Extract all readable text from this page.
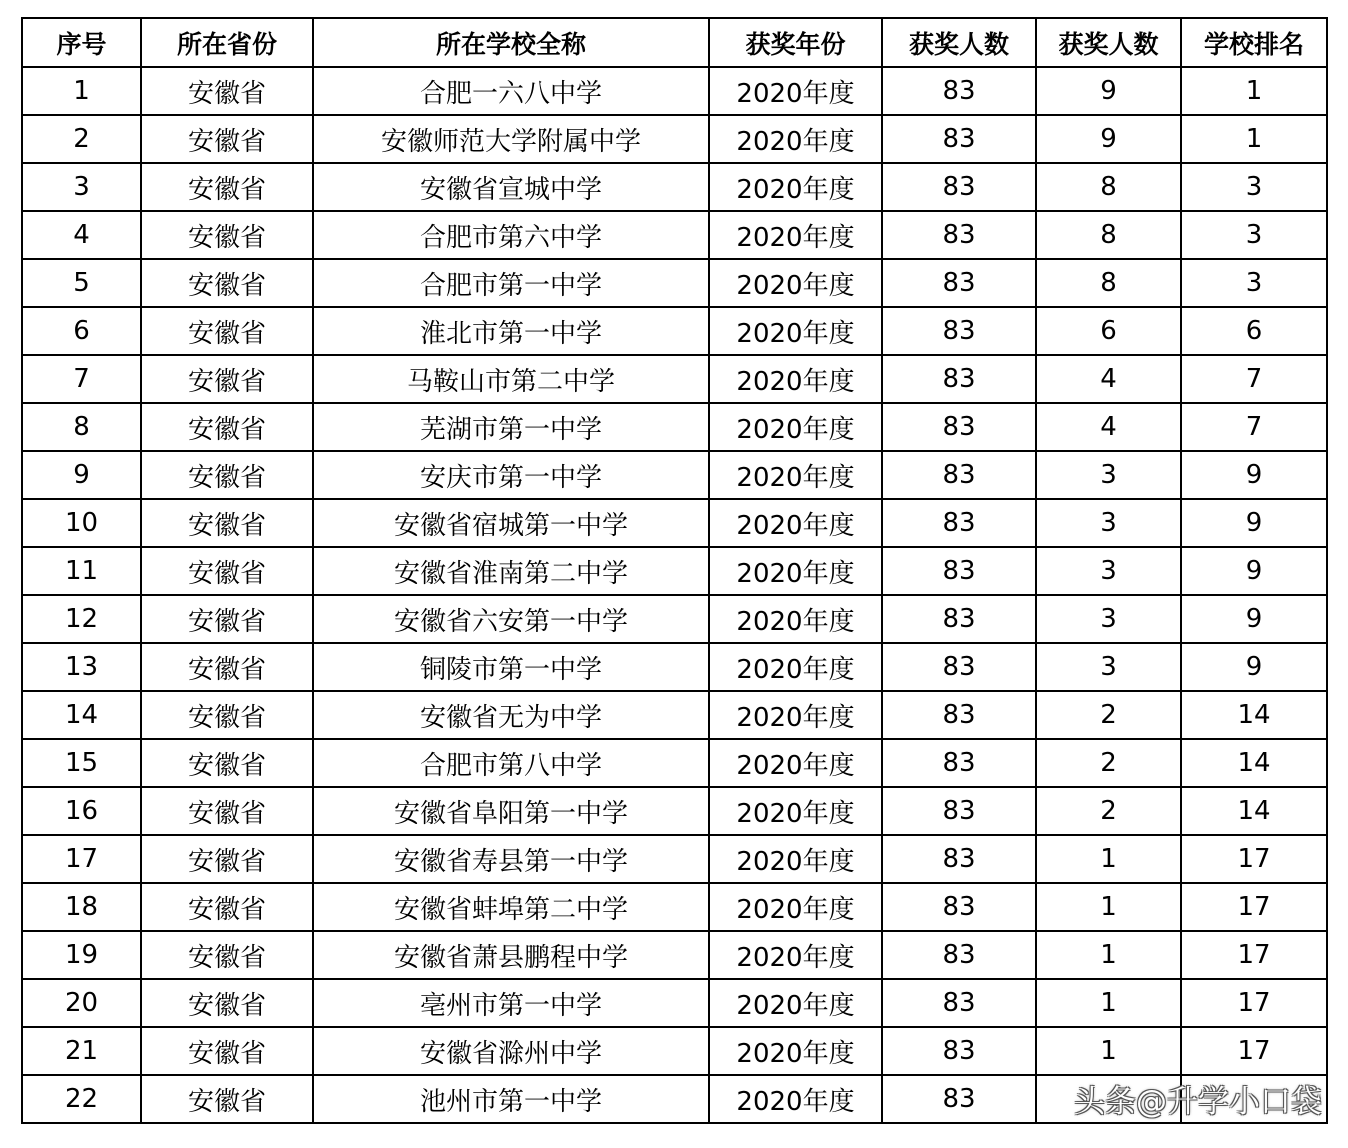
序号	所在省份	所在学校全称	获奖年份	获奖人数	获奖人数	学校排名
1	安徽省	合肥一六八中学	2020年度	83	9	1
2	安徽省	安徽师范大学附属中学	2020年度	83	9	1
3	安徽省	安徽省宣城中学	2020年度	83	8	3
4	安徽省	合肥市第六中学	2020年度	83	8	3
5	安徽省	合肥市第一中学	2020年度	83	8	3
6	安徽省	淮北市第一中学	2020年度	83	6	6
7	安徽省	马鞍山市第二中学	2020年度	83	4	7
8	安徽省	芜湖市第一中学	2020年度	83	4	7
9	安徽省	安庆市第一中学	2020年度	83	3	9
10	安徽省	安徽省宿城第一中学	2020年度	83	3	9
11	安徽省	安徽省淮南第二中学	2020年度	83	3	9
12	安徽省	安徽省六安第一中学	2020年度	83	3	9
13	安徽省	铜陵市第一中学	2020年度	83	3	9
14	安徽省	安徽省无为中学	2020年度	83	2	14
15	安徽省	合肥市第八中学	2020年度	83	2	14
16	安徽省	安徽省阜阳第一中学	2020年度	83	2	14
17	安徽省	安徽省寿县第一中学	2020年度	83	1	17
18	安徽省	安徽省蚌埠第二中学	2020年度	83	1	17
19	安徽省	安徽省萧县鹏程中学	2020年度	83	1	17
20	安徽省	亳州市第一中学	2020年度	83	1	17
21	安徽省	安徽省滁州中学	2020年度	83	1	17
22	安徽省	池州市第一中学	2020年度	83			头条@升学小口袋
